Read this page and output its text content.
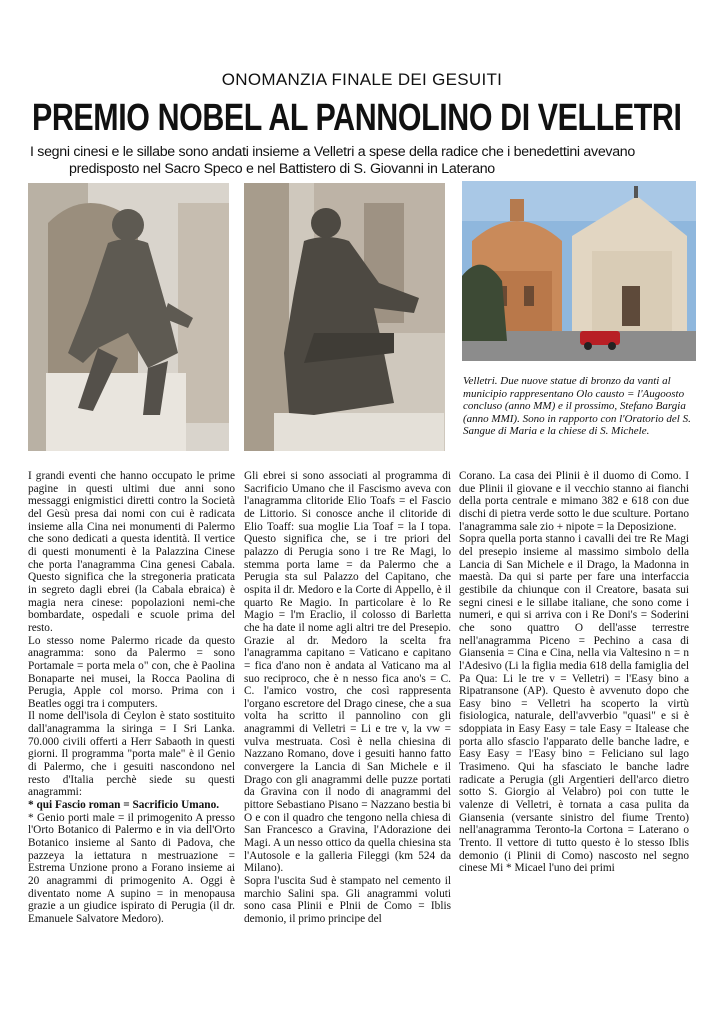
ONOMANZIA FINALE DEI GESUITI
PREMIO NOBEL AL PANNOLINO DI VELLETRI
I segni cinesi e le sillabe sono andati insieme a Velletri a spese della radice che i benedettini avevano
predisposto nel Sacro Speco e nel Battistero di S. Giovanni in Laterano
Velletri. Due nuove statue di bronzo da vanti al municipio rappresentano Olo causto = l'Augoosto concluso (anno MM) e il prossimo, Stefano Bargia (anno MMI). Sono in rapporto con l'Oratorio del S. Sangue di Maria e la chiese di S. Michele.

I grandi eventi che hanno occupato le prime pagine in questi ultimi due anni sono messaggi enigmistici diretti contro la Società del Gesù presa dai nomi con cui è radicata insieme alla Cina nei monumenti di Palermo che sono dedicati a questa identità. Il vertice di questi monumenti è la Palazzina Cinese che porta l'anagramma Cina genesi Cabala. Questo significa che la stregoneria praticata in segreto dagli ebrei (la Cabala ebraica) è magia nera cinese: popolazioni nemi-che bombardate, ospedali e scuole prima del resto.

Lo stesso nome Palermo ricade da questo anagramma: sono da Palermo = sono Portamale = porta mela o" con, che è Paolina Bonaparte nei musei, la Rocca Paolina di Perugia, Apple col morso. Prima con i Beatles oggi tra i computers.

Il nome dell'isola di Ceylon è stato sostituito dall'anagramma la siringa = I Sri Lanka. 70.000 civili offerti a Herr Sabaoth in questi giorni. Il programma "porta male" è il Genio di Palermo, che i gesuiti nascondono nel resto d'Italia perchè siede su questi anagrammi:

* qui Fascio roman = Sacrificio Umano.

* Genio porti male = il primogenito A presso l'Orto Botanico di Palermo e in via dell'Orto Botanico insieme al Santo di Padova, che pazzeya la iettatura n mestruazione = Estrema Unzione prono a Forano insieme ai 20 anagrammi di primogenito A. Oggi è diventato nome A supino = in menopausa grazie a un giudice ispirato di Perugia (il dr. Emanuele Salvatore Medoro).

Gli ebrei si sono associati al programma di Sacrificio Umano che il Fascismo aveva con l'anagramma clitoride Elio Toafs = el Fascio de Littorio. Si conosce anche il clitoride di Elio Toaff: sua moglie Lia Toaf = la I topa. Questo significa che, se i tre priori del palazzo di Perugia sono i tre Re Magi, lo stemma porta lame = da Palermo che a Perugia sta sul Palazzo del Capitano, che ospita il dr. Medoro e la Corte di Appello, è il quarto Re Magio. In particolare è lo Re Magio = l'm Eraclio, il colosso di Barletta che ha date il nome agli altri tre del Presepio. Grazie al dr. Medoro la scelta fra l'anagramma capitano = Vaticano e capitano = fica d'ano non è andata al Vaticano ma al suo reciproco, che è n nesso fica ano's = C. C. l'amico vostro, che così rappresenta l'organo escretore del Drago cinese, che a sua volta ha scritto il pannolino con gli anagrammi di Velletri = Li e tre v, la vw = vulva mestruata. Così è nella chiesina di Nazzano Romano, dove i gesuiti hanno fatto convergere la Lancia di San Michele e il Drago con gli anagrammi delle puzze portati da Gravina con il nodo di anagrammi del pittore Sebastiano Pisano = Nazzano bestia bi O e con il quadro che tengono nella chiesa di San Francesco a Gravina, l'Adorazione dei Magi. A un nesso ottico da quella chiesina sta l'Autosole e la galleria Fileggi (km 524 da Milano).

Sopra l'uscita Sud è stampato nel cemento il marchio Salini spa. Gli anagrammi voluti sono casa Plinii e Plnii de Como = Iblis demonio, il primo principe del

Corano. La casa dei Plinii è il duomo di Como. I due Plinii il giovane e il vecchio stanno ai fianchi della porta centrale e mimano 382 e 618 con due dischi di pietra verde sotto le due sculture. Portano l'anagramma sale zio + nipote = la Deposizione.

Sopra quella porta stanno i cavalli dei tre Re Magi del presepio insieme al massimo simbolo della Lancia di San Michele e il Drago, la Madonna in maestà. Da qui si parte per fare una interfaccia gestibile da chiunque con il Creatore, basata sui segni cinesi e le sillabe italiane, che sono come i numeri, e qui si arriva con i Re Doni's = Soderini che sono quattro O dell'asse terrestre nell'anagramma Piceno = Pechino a casa di Giansenia = Cina e Cina, nella via Valtesino n = n l'Adesivo (Li la figlia media 618 della famiglia del Pa Qua: Li le tre v = Velletri) = l'Easy bino a Ripatransone (AP). Questo è avvenuto dopo che Easy bino = Velletri ha scoperto la virtù fisiologica, naturale, dell'avverbio "quasi" e si è sdoppiata in Easy Easy = tale Easy = Italease che porta allo sfascio l'apparato delle banche ladre, e Easy Easy = l'Easy bino = Feliciano sul lago Trasimeno. Qui ha sfasciato le banche ladre radicate a Perugia (gli Argentieri dell'arco dietro sotto S. Giorgio al Velabro) poi con tutte le valenze di Velletri, è tornata a casa pulita da Giansenia (versante sinistro del fiume Trento) nell'anagramma Teronto-la Cortona = Laterano o Trento. Il vettore di tutto questo è lo stesso Iblis demonio (i Plinii di Como) nascosto nel segno cinese Mi * Micael l'uno dei primi
